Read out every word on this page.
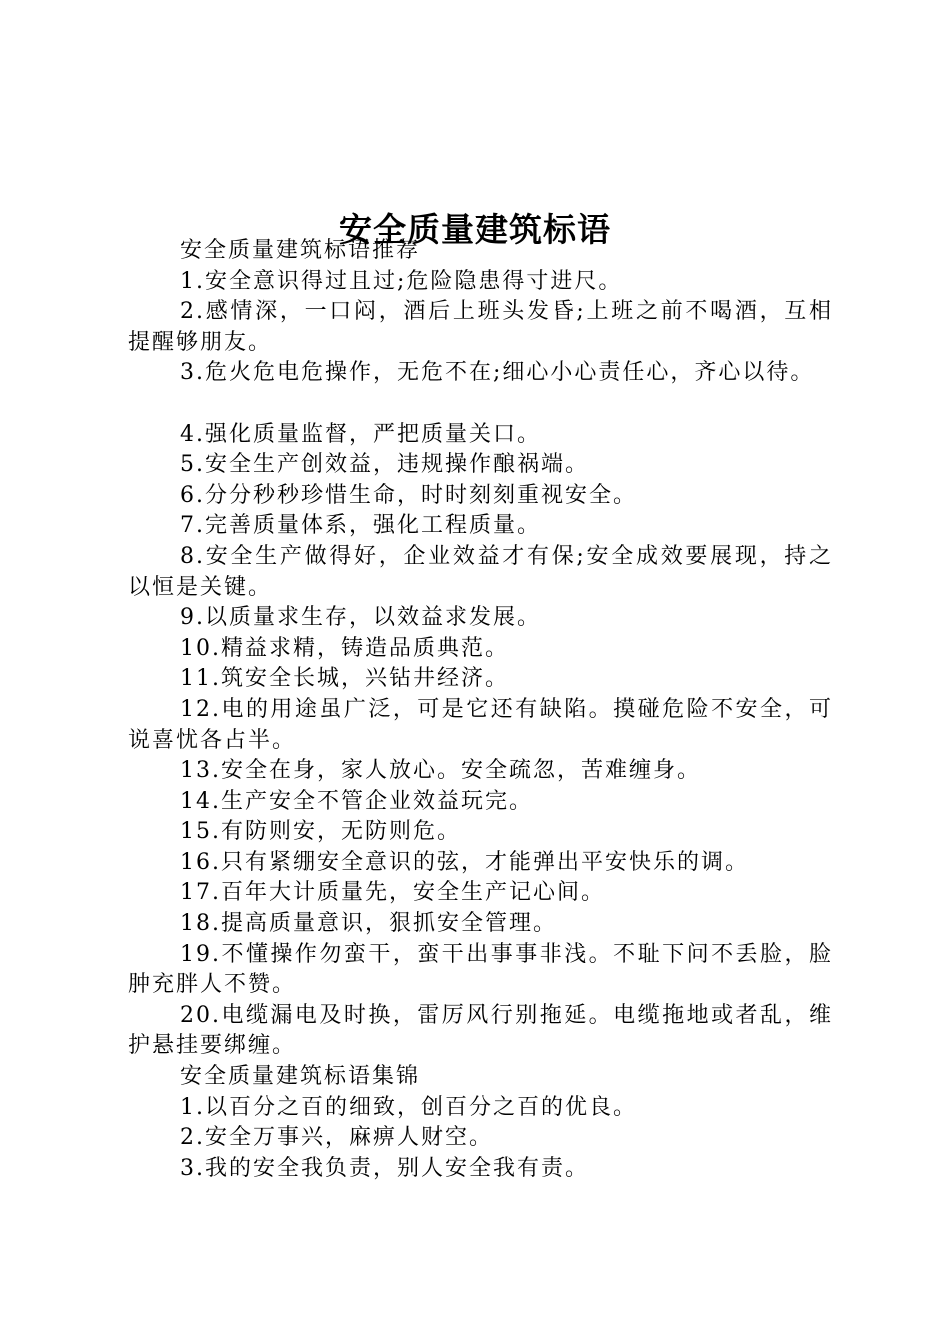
安全质量建筑标语

安全质量建筑标语推荐

1.安全意识得过且过;危险隐患得寸进尺。

2.感情深，一口闷，酒后上班头发昏;上班之前不喝酒，互相提醒够朋友。

3.危火危电危操作，无危不在;细心小心责任心，齐心以待。

4.强化质量监督，严把质量关口。

5.安全生产创效益，违规操作酿祸端。

6.分分秒秒珍惜生命，时时刻刻重视安全。

7.完善质量体系，强化工程质量。

8.安全生产做得好，企业效益才有保;安全成效要展现，持之以恒是关键。

9.以质量求生存，以效益求发展。

10.精益求精，铸造品质典范。

11.筑安全长城，兴钻井经济。

12.电的用途虽广泛，可是它还有缺陷。摸碰危险不安全，可说喜忧各占半。

13.安全在身，家人放心。安全疏忽，苦难缠身。

14.生产安全不管企业效益玩完。

15.有防则安，无防则危。

16.只有紧绷安全意识的弦，才能弹出平安快乐的调。

17.百年大计质量先，安全生产记心间。

18.提高质量意识，狠抓安全管理。

19.不懂操作勿蛮干，蛮干出事事非浅。不耻下问不丢脸，脸肿充胖人不赞。

20.电缆漏电及时换，雷厉风行别拖延。电缆拖地或者乱，维护悬挂要绑缠。

安全质量建筑标语集锦

1.以百分之百的细致，创百分之百的优良。

2.安全万事兴，麻痹人财空。

3.我的安全我负责，别人安全我有责。
